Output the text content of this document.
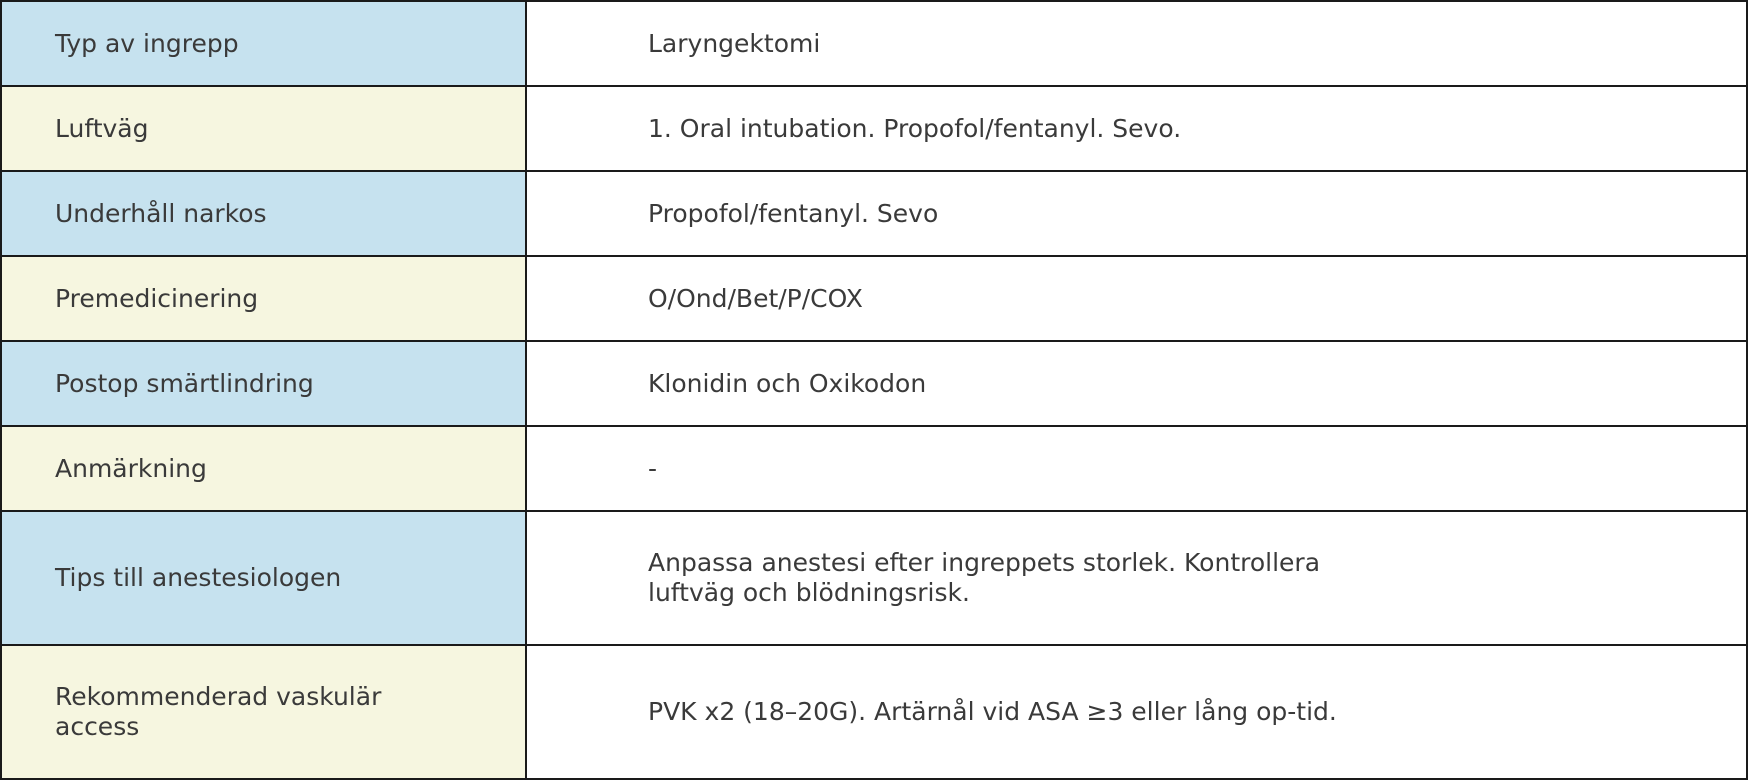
Typ av ingrepp	Laryngektomi

Luftväg	1. Oral intubation. Propofol/fentanyl. Sevo.

Underhåll narkos	Propofol/fentanyl. Sevo

Premedicinering	O/Ond/Bet/P/COX

Postop smärtlindring	Klonidin och Oxikodon

Anmärkning	-

Tips till anestesiologen	Anpassa anestesi efter ingreppets storlek. Kontrollera luftväg och blödningsrisk.

Rekommenderad vaskulär access	PVK x2 (18–20G). Artärnål vid ASA ≥3 eller lång op-tid.
